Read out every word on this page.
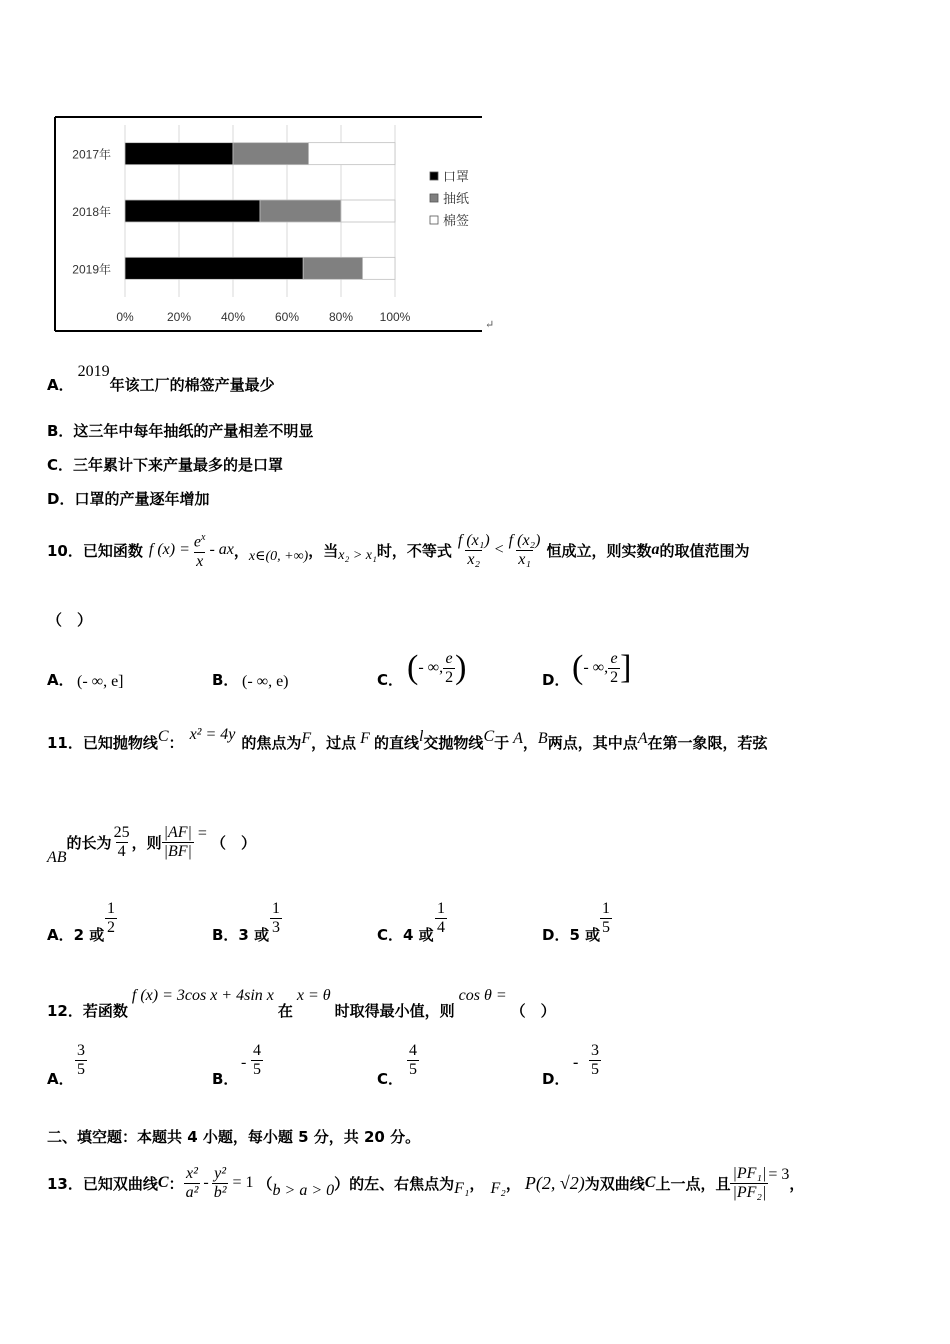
0%	20% 40% 60% 80% 100%
2017年
2018年
2019年
口罩
抽纸
棉签
↵
A．2019年该工厂的棉签产量最少
B．这三年中每年抽纸的产量相差不明显
C．三年累计下来产量最多的是口罩
D．口罩的产量逐年增加
10．已知函数 f $(x) = \frac{e^x}{x}$ - ax ， x∈(0, +∞) ，当 x₂ > x₁ 时，不等式 $\frac{\text{f (x₁)}}{\text{x₂}} < \frac{\text{f (x₂)}}{\text{x₁}}$ 恒成立，则实数 a 的取值范围为
（　）
A． (- ∞, e]	B． (- ∞, e)	C． ( - ∞, $\frac{e}{2}$ )	D． ( - ∞, $\frac{e}{2}$ ]
11．已知抛物线 C ： x² = 4y 的焦点为 F ，过点 F 的直线 l 交抛物线 C 于 A ， B 两点，其中点 A 在第一象限，若弦
AB
的长为 $\frac{25}{4}$ ，则 $\frac{|AF|}{|BF|}$ = （　）
A．2 或 $\frac{1}{2}$	B．3 或 $\frac{1}{3}$	C．4 或 $\frac{1}{4}$	D．5 或 $\frac{1}{5}$
12．若函数
f (x) = 3cos x + 4sin x
在
x = θ
时取得最小值，则
cos θ =
（　）
A． $\frac{3}{5}$	B．
- $\frac{4}{5}$	C． $\frac{4}{5}$	D．
- $\frac{3}{5}$
二、填空题：本题共 4 小题，每小题 5 分，共 20 分。
13．已知双曲线 C ： $\frac{\text{x²}}{\text{a²}} - \frac{\text{y²}}{\text{b²}} = 1$ （ b > a > 0 ） 的左、右焦点为 F₁ ， F₂ ， P(2, √2) 为双曲线 C 上一点，且 $\frac{\text{|PF₁|}}{\text{|PF₂|}} = 3$ ，
